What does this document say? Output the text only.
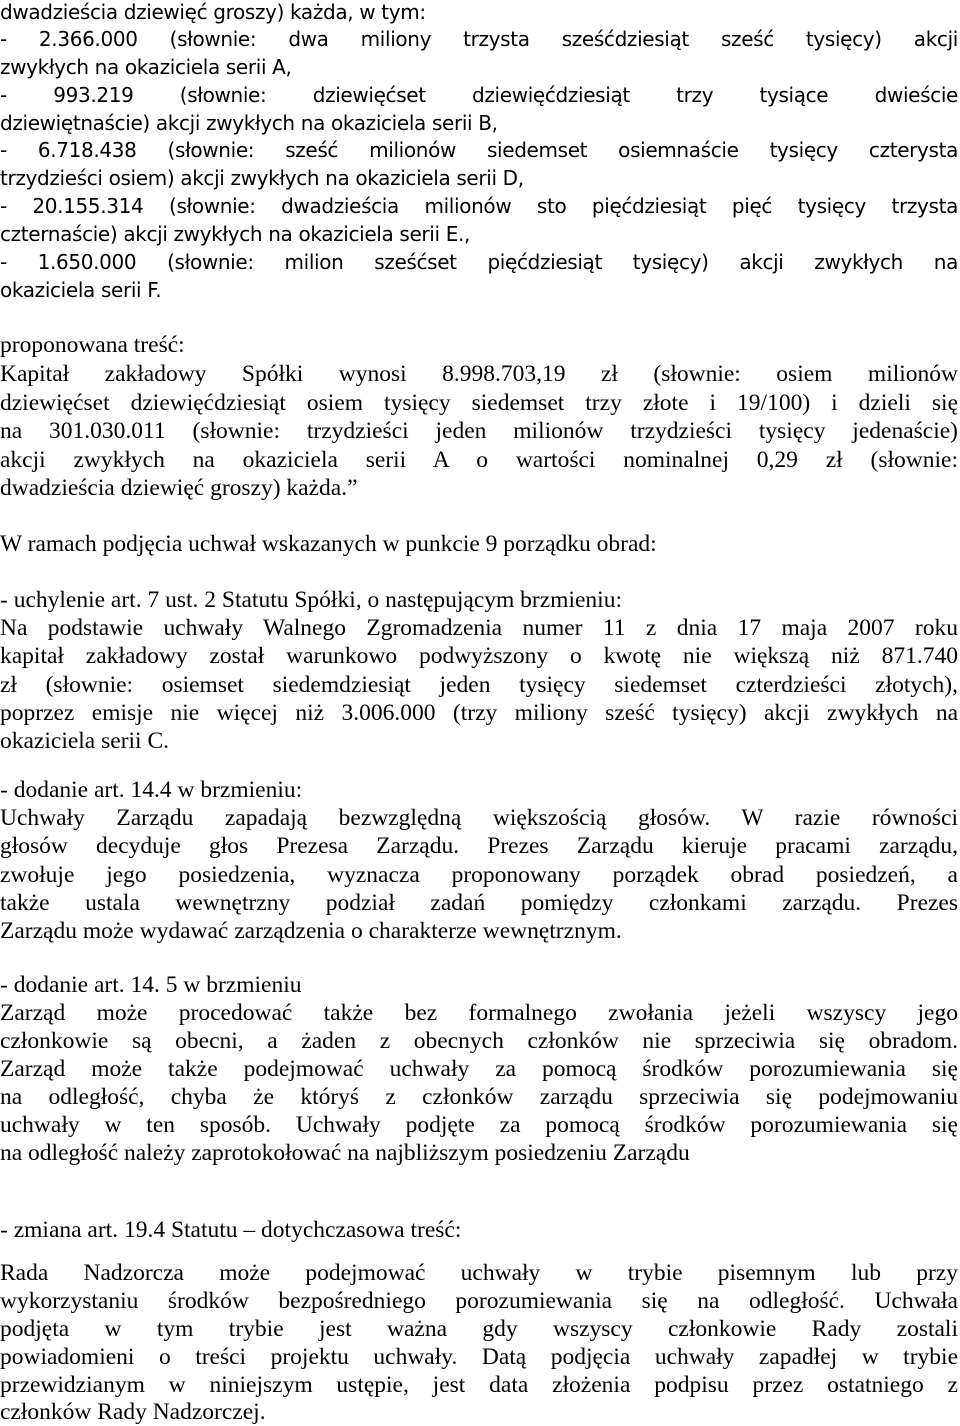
dwadzieścia dziewięć groszy) każda, w tym:
- 2.366.000 (słownie: dwa miliony trzysta sześćdziesiąt sześć tysięcy) akcji
zwykłych na okaziciela serii A,
- 993.219 (słownie: dziewięćset dziewięćdziesiąt trzy tysiące dwieście
dziewiętnaście) akcji zwykłych na okaziciela serii B,
- 6.718.438 (słownie: sześć milionów siedemset osiemnaście tysięcy czterysta
trzydzieści osiem) akcji zwykłych na okaziciela serii D,
- 20.155.314 (słownie: dwadzieścia milionów sto pięćdziesiąt pięć tysięcy trzysta
czternaście) akcji zwykłych na okaziciela serii E.,
- 1.650.000 (słownie: milion sześćset pięćdziesiąt tysięcy) akcji zwykłych na
okaziciela serii F.
proponowana treść:
Kapitał zakładowy Spółki wynosi 8.998.703,19 zł (słownie: osiem milionów
dziewięćset dziewięćdziesiąt osiem tysięcy siedemset trzy złote i 19/100) i dzieli się
na 301.030.011 (słownie: trzydzieści jeden milionów trzydzieści tysięcy jedenaście)
akcji zwykłych na okaziciela serii A o wartości nominalnej 0,29 zł (słownie:
dwadzieścia dziewięć groszy) każda.”
W ramach podjęcia uchwał wskazanych w punkcie 9 porządku obrad:
- uchylenie art. 7 ust. 2 Statutu Spółki, o następującym brzmieniu:
Na podstawie uchwały Walnego Zgromadzenia numer 11 z dnia 17 maja 2007 roku
kapitał zakładowy został warunkowo podwyższony o kwotę nie większą niż 871.740
zł (słownie: osiemset siedemdziesiąt jeden tysięcy siedemset czterdzieści złotych),
poprzez emisje nie więcej niż 3.006.000 (trzy miliony sześć tysięcy) akcji zwykłych na
okaziciela serii C.
- dodanie art. 14.4 w brzmieniu:
Uchwały Zarządu zapadają bezwzględną większością głosów. W razie równości
głosów decyduje głos Prezesa Zarządu. Prezes Zarządu kieruje pracami zarządu,
zwołuje jego posiedzenia, wyznacza proponowany porządek obrad posiedzeń, a
także ustala wewnętrzny podział zadań pomiędzy członkami zarządu. Prezes
Zarządu może wydawać zarządzenia o charakterze wewnętrznym.
- dodanie art. 14. 5 w brzmieniu
Zarząd może procedować także bez formalnego zwołania jeżeli wszyscy jego
członkowie są obecni, a żaden z obecnych członków nie sprzeciwia się obradom.
Zarząd może także podejmować uchwały za pomocą środków porozumiewania się
na odległość, chyba że któryś z członków zarządu sprzeciwia się podejmowaniu
uchwały w ten sposób. Uchwały podjęte za pomocą środków porozumiewania się
na odległość należy zaprotokołować na najbliższym posiedzeniu Zarządu
- zmiana art. 19.4 Statutu – dotychczasowa treść:
Rada Nadzorcza może podejmować uchwały w trybie pisemnym lub przy
wykorzystaniu środków bezpośredniego porozumiewania się na odległość. Uchwała
podjęta w tym trybie jest ważna gdy wszyscy członkowie Rady zostali
powiadomieni o treści projektu uchwały. Datą podjęcia uchwały zapadłej w trybie
przewidzianym w niniejszym ustępie, jest data złożenia podpisu przez ostatniego z
członków Rady Nadzorczej.
